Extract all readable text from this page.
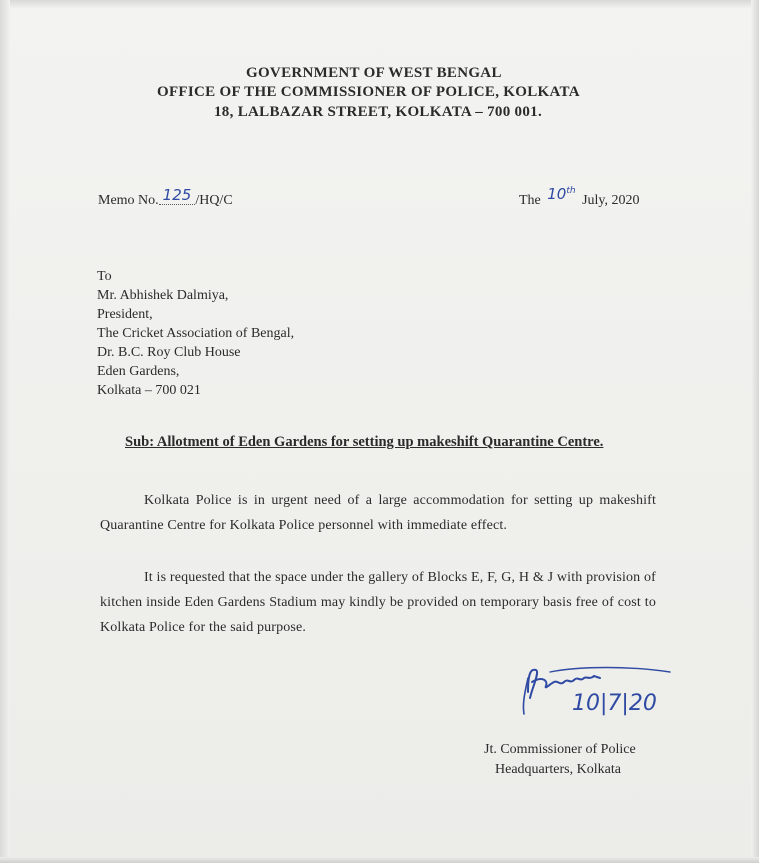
GOVERNMENT OF WEST BENGAL
OFFICE OF THE COMMISSIONER OF POLICE, KOLKATA
18, LALBAZAR STREET, KOLKATA – 700 001.
Memo No. 125 /HQ/C	The 10th July, 2020
To
Mr. Abhishek Dalmiya,
President,
The Cricket Association of Bengal,
Dr. B.C. Roy Club House
Eden Gardens,
Kolkata – 700 021
Sub: Allotment of Eden Gardens for setting up makeshift Quarantine Centre.
Kolkata Police is in urgent need of a large accommodation for setting up makeshift Quarantine Centre for Kolkata Police personnel with immediate effect.
It is requested that the space under the gallery of Blocks E, F, G, H & J with provision of kitchen inside Eden Gardens Stadium may kindly be provided on temporary basis free of cost to Kolkata Police for the said purpose.
10|7|20
Jt. Commissioner of Police
Headquarters, Kolkata
